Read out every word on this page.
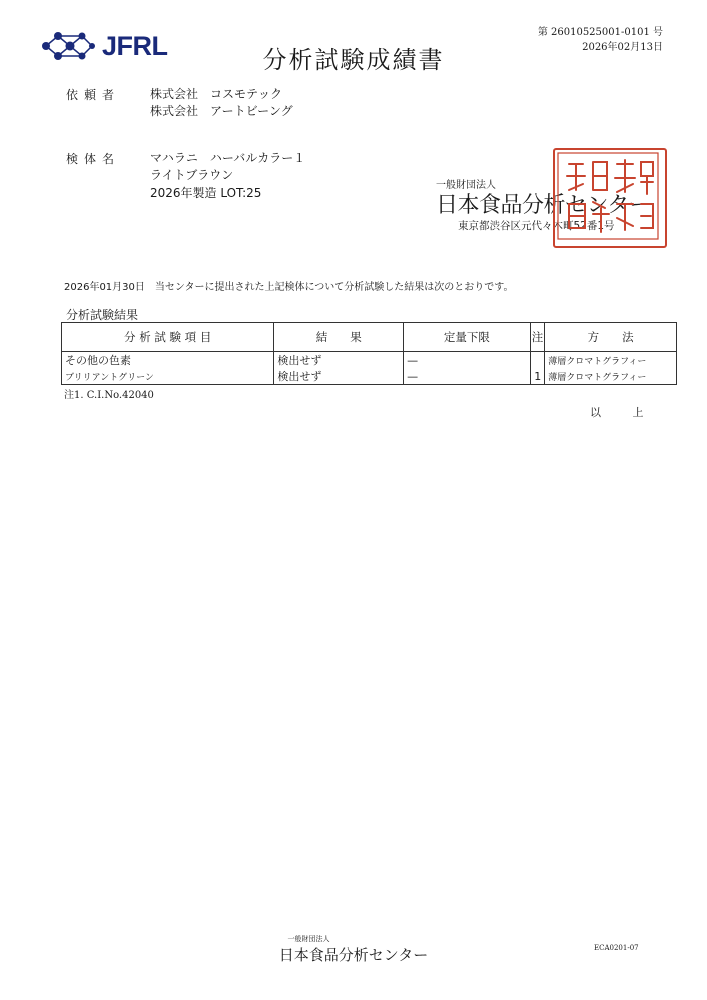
JFRL	分析試験成績書
第 26010525001-0101 号
2026年02月13日
依頼者 株式会社　コスモテック
株式会社　アートビーング
検体名 マハラニ　ハーバルカラー１
ライトブラウン
2026年製造 LOT:25
一般財団法人
日本食品分析センター
東京都渋谷区元代々木町52番1号
2026年01月30日　当センターに提出された上記検体について分析試験した結果は次のとおりです。
分析試験結果
分 析 試 験 項 目	結　　果	定量下限	注	方　　法
その他の色素	検出せず	—		薄層クロマトグラフィー
ブリリアントグリーン	検出せず	—	1	薄層クロマトグラフィー
注1. C.I.No.42040
以 上
一般財団法人
日本食品分析センター	ECA0201-07
